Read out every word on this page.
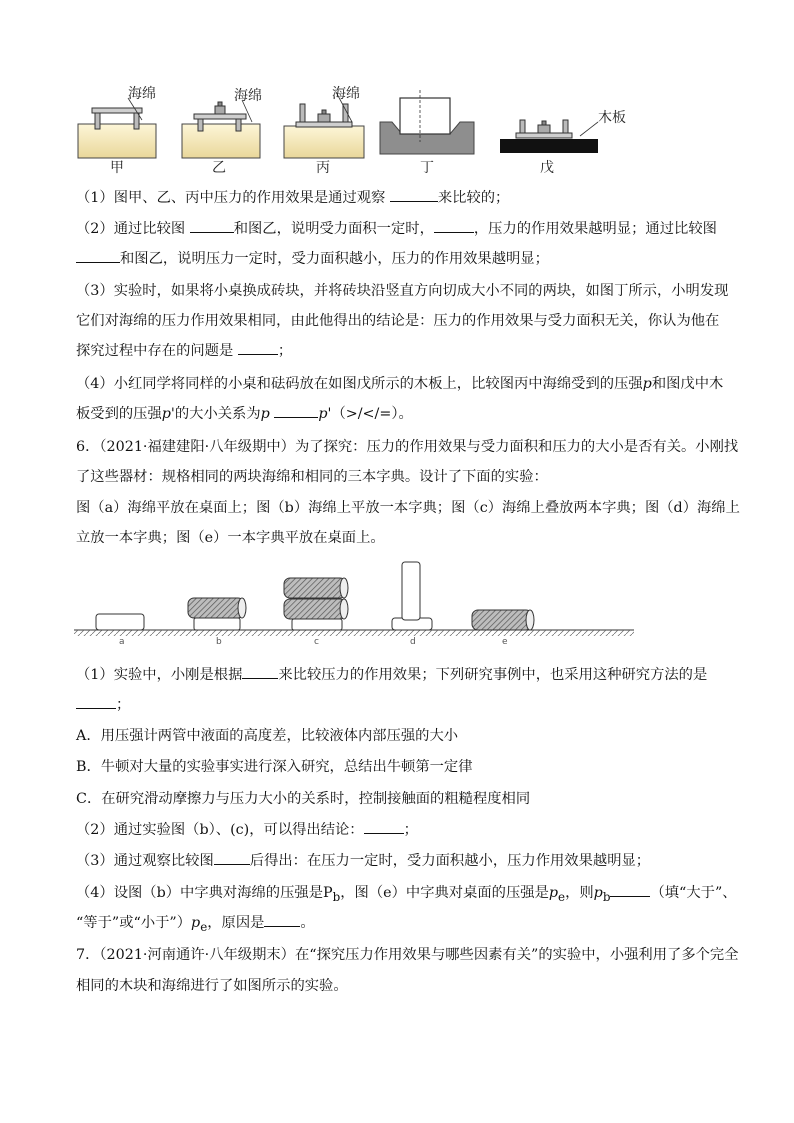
海绵
甲
海绵
乙
海绵
丙	丁
木板
戊

（1）图甲、乙、丙中压力的作用效果是通过观察	来比较的；

（2）通过比较图	和图乙，说明受力面积一定时，	，压力的作用效果越明显；通过比较图

和图乙，说明压力一定时，受力面积越小，压力的作用效果越明显；

（3）实验时，如果将小桌换成砖块，并将砖块沿竖直方向切成大小不同的两块，如图丁所示，小明发现

它们对海绵的压力作用效果相同，由此他得出的结论是：压力的作用效果与受力面积无关，你认为他在

探究过程中存在的问题是	；

（4）小红同学将同样的小桌和砝码放在如图戊所示的木板上，比较图丙中海绵受到的压强p和图戊中木

板受到的压强p'的大小关系为p	p'（>/</=）。

6．（2021·福建建阳·八年级期中）为了探究：压力的作用效果与受力面积和压力的大小是否有关。小刚找

了这些器材：规格相同的两块海绵和相同的三本字典。设计了下面的实验：

图（a）海绵平放在桌面上；图（b）海绵上平放一本字典；图（c）海绵上叠放两本字典；图（d）海绵上

立放一本字典；图（e）一本字典平放在桌面上。

a	b	c	d	e

（1）实验中，小刚是根据	来比较压力的作用效果；下列研究事例中，也采用这种研究方法的是

；

A．用压强计两管中液面的高度差，比较液体内部压强的大小

B．牛顿对大量的实验事实进行深入研究，总结出牛顿第一定律

C．在研究滑动摩擦力与压力大小的关系时，控制接触面的粗糙程度相同

（2）通过实验图（b）、(c)，可以得出结论：	；

（3）通过观察比较图	后得出：在压力一定时，受力面积越小，压力作用效果越明显；

（4）设图（b）中字典对海绵的压强是$P_b$，图（e）中字典对桌面的压强是$p_e$，则$p_b$	（填“大于”、

“等于”或“小于$”)p_e$，原因是	。

7．（2021·河南通许·八年级期末）在“探究压力作用效果与哪些因素有关”的实验中，小强利用了多个完全

相同的木块和海绵进行了如图所示的实验。
